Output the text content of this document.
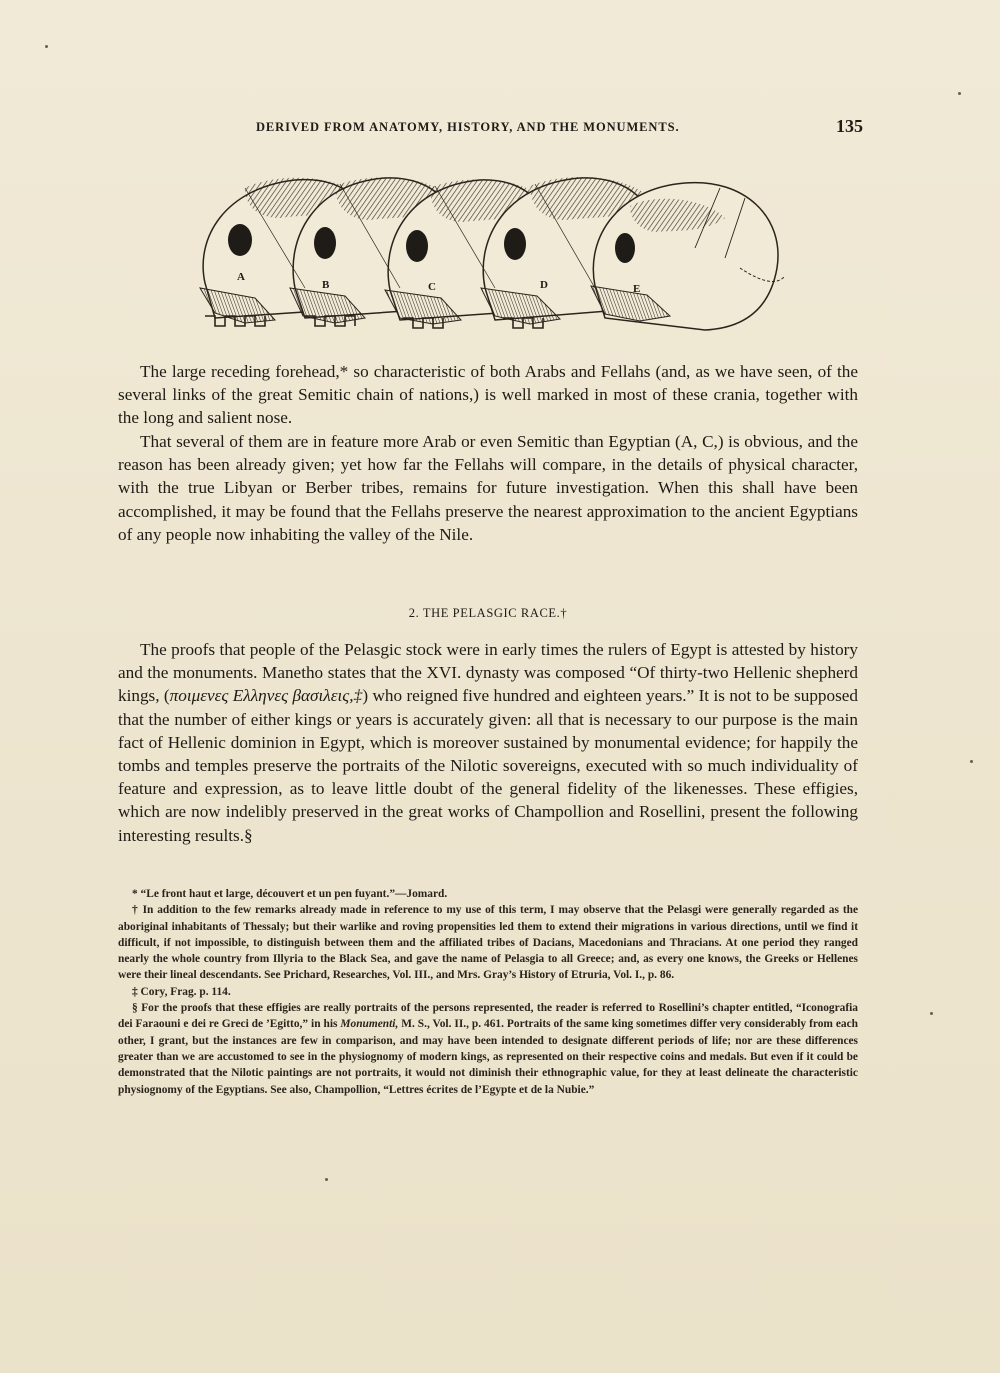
DERIVED FROM ANATOMY, HISTORY, AND THE MONUMENTS.	135
A
B	C	D	E

The large receding forehead,* so characteristic of both Arabs and Fellahs (and, as we have seen, of the several links of the great Semitic chain of nations,) is well marked in most of these crania, together with the long and salient nose.

That several of them are in feature more Arab or even Semitic than Egyptian (A, C,) is obvious, and the reason has been already given; yet how far the Fellahs will compare, in the details of physical character, with the true Libyan or Berber tribes, remains for future investigation. When this shall have been accomplished, it may be found that the Fellahs preserve the nearest approximation to the ancient Egyptians of any people now inhabiting the valley of the Nile.

2. THE PELASGIC RACE.†

The proofs that people of the Pelasgic stock were in early times the rulers of Egypt is attested by history and the monuments. Manetho states that the XVI. dynasty was composed “Of thirty-two Hellenic shepherd kings, (ποιμενες Ελληνες βασιλεις,‡) who reigned five hundred and eighteen years.” It is not to be supposed that the number of either kings or years is accurately given: all that is necessary to our purpose is the main fact of Hellenic dominion in Egypt, which is moreover sustained by monumental evidence; for happily the tombs and temples preserve the portraits of the Nilotic sovereigns, executed with so much individuality of feature and expression, as to leave little doubt of the general fidelity of the likenesses. These effigies, which are now indelibly preserved in the great works of Champollion and Rosellini, present the following interesting results.§

* “Le front haut et large, découvert et un pen fuyant.”—Jomard.

† In addition to the few remarks already made in reference to my use of this term, I may observe that the Pelasgi were generally regarded as the aboriginal inhabitants of Thessaly; but their warlike and roving propensities led them to extend their migrations in various directions, until we find it difficult, if not impossible, to distinguish between them and the affiliated tribes of Dacians, Macedonians and Thracians. At one period they ranged nearly the whole country from Illyria to the Black Sea, and gave the name of Pelasgia to all Greece; and, as every one knows, the Greeks or Hellenes were their lineal descendants. See Prichard, Researches, Vol. III., and Mrs. Gray’s History of Etruria, Vol. I., p. 86.

‡ Cory, Frag. p. 114.

§ For the proofs that these effigies are really portraits of the persons represented, the reader is referred to Rosellini’s chapter entitled, “Iconografia dei Faraouni e dei re Greci de ’Egitto,” in his Monumenti, M. S., Vol. II., p. 461. Portraits of the same king sometimes differ very considerably from each other, I grant, but the instances are few in comparison, and may have been intended to designate different periods of life; nor are these differences greater than we are accustomed to see in the physiognomy of modern kings, as represented on their respective coins and medals. But even if it could be demonstrated that the Nilotic paintings are not portraits, it would not diminish their ethnographic value, for they at least delineate the characteristic physiognomy of the Egyptians. See also, Champollion, “Lettres écrites de l’Egypte et de la Nubie.”
